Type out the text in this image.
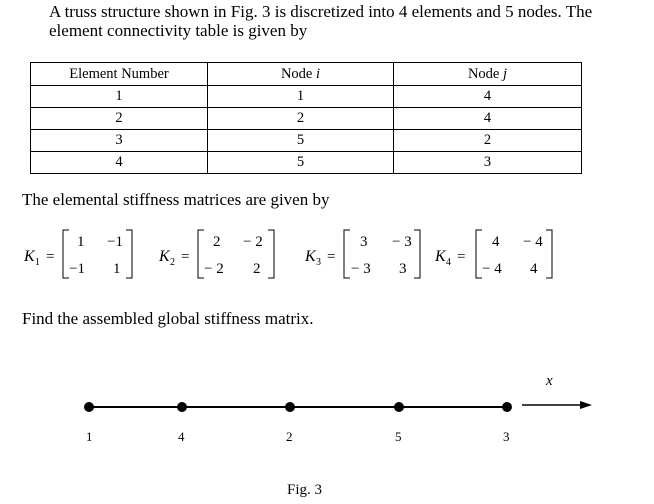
A truss structure shown in Fig. 3 is discretized into 4 elements and 5 nodes. The element connectivity table is given by

Element Number	Node i	Node j
1	1	4
2	2	4
3	5	2
4	5	3

The elemental stiffness matrices are given by

K 1 =
1 −1
−1 1
K 2 =
2 − 2
− 2 2
K 3 =
3 − 3
− 3 3
K 4 =
4 − 4
− 4 4

Find the assembled global stiffness matrix.

1	4	2	5	3
x

Fig. 3
